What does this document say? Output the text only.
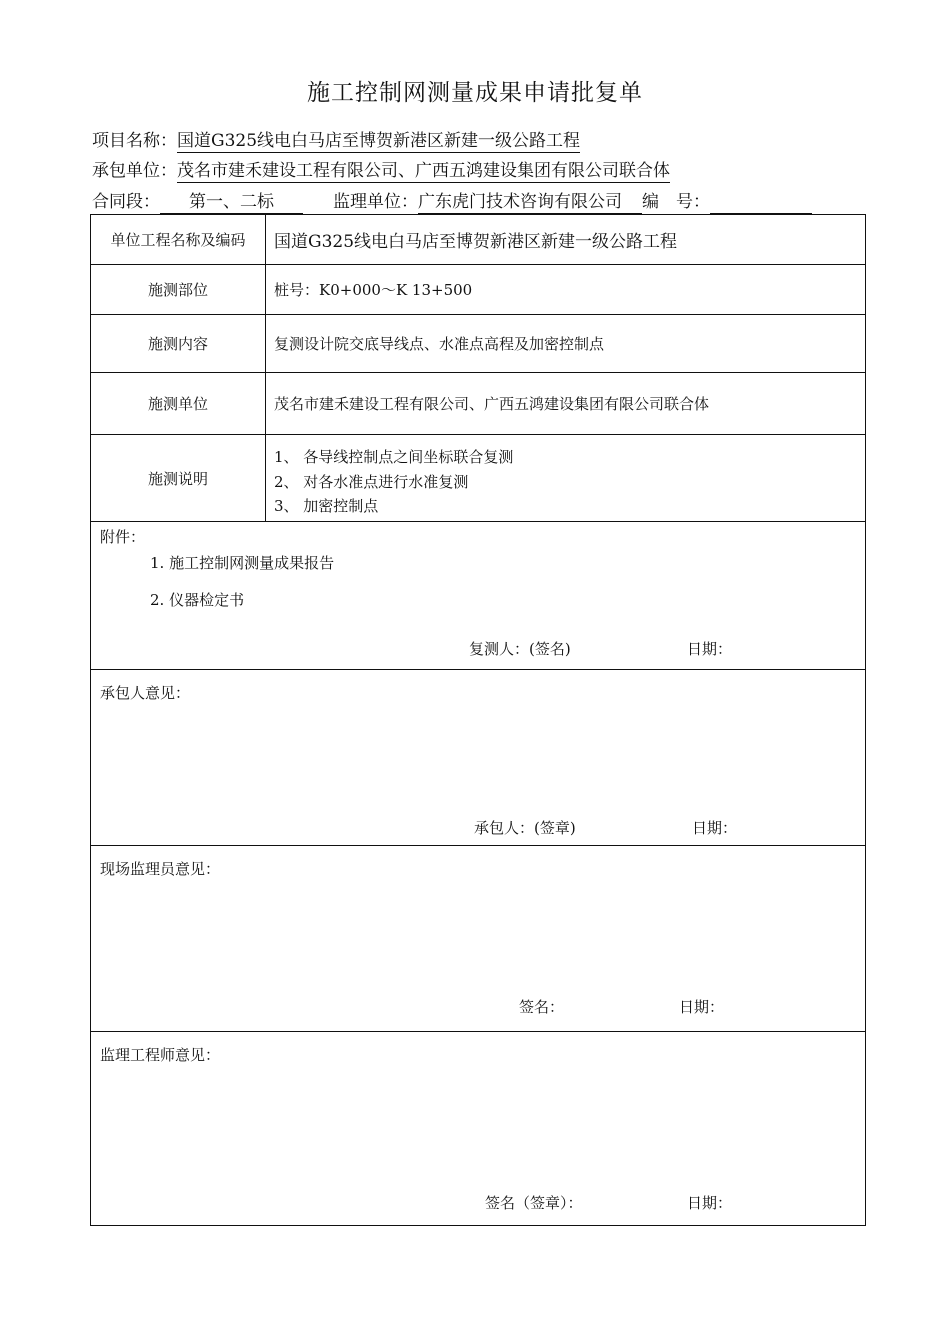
施工控制网测量成果申请批复单
项目名称：国道G325线电白马店至博贺新港区新建一级公路工程
承包单位：茂名市建禾建设工程有限公司、广西五鸿建设集团有限公司联合体
合同段： 第一、二标	监理单位：广东虎门技术咨询有限公司 编　号：
单位工程名称及编码	国道G325线电白马店至博贺新港区新建一级公路工程
施测部位	桩号：K0+000～K 13+500
施测内容	复测设计院交底导线点、水准点高程及加密控制点
施测单位	茂名市建禾建设工程有限公司、广西五鸿建设集团有限公司联合体
施测说明
1、 各导线控制点之间坐标联合复测
2、 对各水准点进行水准复测
3、 加密控制点
附件：
1. 施工控制网测量成果报告
2. 仪器检定书
复测人：(签名)	日期：
承包人意见：
承包人：(签章)	日期：
现场监理员意见：
签名：	日期：
监理工程师意见：
签名（签章）：	日期：
